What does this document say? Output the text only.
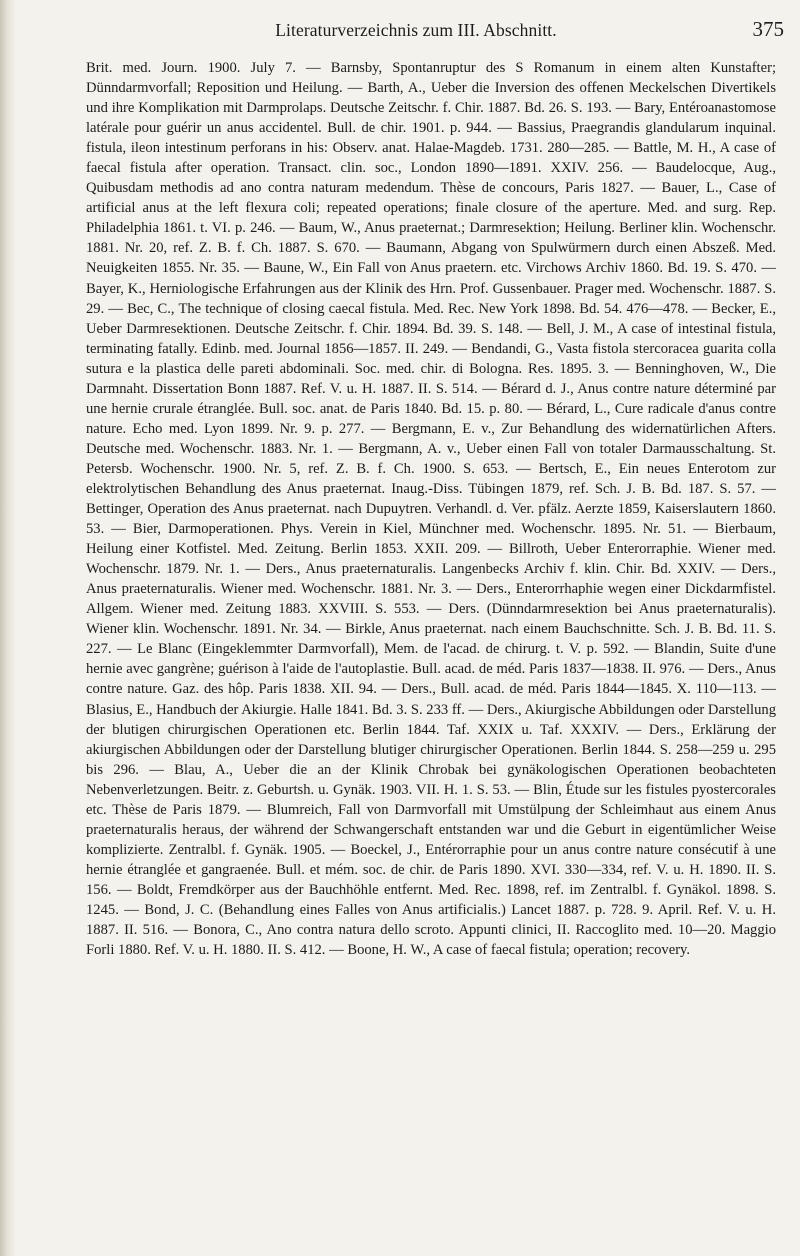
Literaturverzeichnis zum III. Abschnitt.	375

Brit. med. Journ. 1900. July 7. — Barnsby, Spontanruptur des S Romanum in einem alten Kunstafter; Dünndarmvorfall; Reposition und Heilung. — Barth, A., Ueber die Inversion des offenen Meckelschen Divertikels und ihre Komplikation mit Darmprolaps. Deutsche Zeitschr. f. Chir. 1887. Bd. 26. S. 193. — Bary, Entéroanastomose latérale pour guérir un anus accidentel. Bull. de chir. 1901. p. 944. — Bassius, Praegrandis glandularum inquinal. fistula, ileon intestinum perforans in his: Observ. anat. Halae-Magdeb. 1731. 280—285. — Battle, M. H., A case of faecal fistula after operation. Transact. clin. soc., London 1890—1891. XXIV. 256. — Baudelocque, Aug., Quibusdam methodis ad ano contra naturam medendum. Thèse de concours, Paris 1827. — Bauer, L., Case of artificial anus at the left flexura coli; repeated operations; finale closure of the aperture. Med. and surg. Rep. Philadelphia 1861. t. VI. p. 246. — Baum, W., Anus praeternat.; Darmresektion; Heilung. Berliner klin. Wochenschr. 1881. Nr. 20, ref. Z. B. f. Ch. 1887. S. 670. — Baumann, Abgang von Spulwürmern durch einen Abszeß. Med. Neuigkeiten 1855. Nr. 35. — Baune, W., Ein Fall von Anus praetern. etc. Virchows Archiv 1860. Bd. 19. S. 470. — Bayer, K., Herniologische Erfahrungen aus der Klinik des Hrn. Prof. Gussenbauer. Prager med. Wochenschr. 1887. S. 29. — Bec, C., The technique of closing caecal fistula. Med. Rec. New York 1898. Bd. 54. 476—478. — Becker, E., Ueber Darmresektionen. Deutsche Zeitschr. f. Chir. 1894. Bd. 39. S. 148. — Bell, J. M., A case of intestinal fistula, terminating fatally. Edinb. med. Journal 1856—1857. II. 249. — Bendandi, G., Vasta fistola stercoracea guarita colla sutura e la plastica delle pareti abdominali. Soc. med. chir. di Bologna. Res. 1895. 3. — Benninghoven, W., Die Darmnaht. Dissertation Bonn 1887. Ref. V. u. H. 1887. II. S. 514. — Bérard d. J., Anus contre nature déterminé par une hernie crurale étranglée. Bull. soc. anat. de Paris 1840. Bd. 15. p. 80. — Bérard, L., Cure radicale d'anus contre nature. Echo med. Lyon 1899. Nr. 9. p. 277. — Bergmann, E. v., Zur Behandlung des widernatürlichen Afters. Deutsche med. Wochenschr. 1883. Nr. 1. — Bergmann, A. v., Ueber einen Fall von totaler Darmausschaltung. St. Petersb. Wochenschr. 1900. Nr. 5, ref. Z. B. f. Ch. 1900. S. 653. — Bertsch, E., Ein neues Enterotom zur elektrolytischen Behandlung des Anus praeternat. Inaug.-Diss. Tübingen 1879, ref. Sch. J. B. Bd. 187. S. 57. — Bettinger, Operation des Anus praeternat. nach Dupuytren. Verhandl. d. Ver. pfälz. Aerzte 1859, Kaiserslautern 1860. 53. — Bier, Darmoperationen. Phys. Verein in Kiel, Münchner med. Wochenschr. 1895. Nr. 51. — Bierbaum, Heilung einer Kotfistel. Med. Zeitung. Berlin 1853. XXII. 209. — Billroth, Ueber Enterorraphie. Wiener med. Wochenschr. 1879. Nr. 1. — Ders., Anus praeternaturalis. Langenbecks Archiv f. klin. Chir. Bd. XXIV. — Ders., Anus praeternaturalis. Wiener med. Wochenschr. 1881. Nr. 3. — Ders., Enterorrhaphie wegen einer Dickdarmfistel. Allgem. Wiener med. Zeitung 1883. XXVIII. S. 553. — Ders. (Dünndarmresektion bei Anus praeternaturalis). Wiener klin. Wochenschr. 1891. Nr. 34. — Birkle, Anus praeternat. nach einem Bauchschnitte. Sch. J. B. Bd. 11. S. 227. — Le Blanc (Eingeklemmter Darmvorfall), Mem. de l'acad. de chirurg. t. V. p. 592. — Blandin, Suite d'une hernie avec gangrène; guérison à l'aide de l'autoplastie. Bull. acad. de méd. Paris 1837—1838. II. 976. — Ders., Anus contre nature. Gaz. des hôp. Paris 1838. XII. 94. — Ders., Bull. acad. de méd. Paris 1844—1845. X. 110—113. — Blasius, E., Handbuch der Akiurgie. Halle 1841. Bd. 3. S. 233 ff. — Ders., Akiurgische Abbildungen oder Darstellung der blutigen chirurgischen Operationen etc. Berlin 1844. Taf. XXIX u. Taf. XXXIV. — Ders., Erklärung der akiurgischen Abbildungen oder der Darstellung blutiger chirurgischer Operationen. Berlin 1844. S. 258—259 u. 295 bis 296. — Blau, A., Ueber die an der Klinik Chrobak bei gynäkologischen Operationen beobachteten Nebenverletzungen. Beitr. z. Geburtsh. u. Gynäk. 1903. VII. H. 1. S. 53. — Blin, Étude sur les fistules pyostercorales etc. Thèse de Paris 1879. — Blumreich, Fall von Darmvorfall mit Umstülpung der Schleimhaut aus einem Anus praeternaturalis heraus, der während der Schwangerschaft entstanden war und die Geburt in eigentümlicher Weise komplizierte. Zentralbl. f. Gynäk. 1905. — Boeckel, J., Entérorraphie pour un anus contre nature consécutif à une hernie étranglée et gangraenée. Bull. et mém. soc. de chir. de Paris 1890. XVI. 330—334, ref. V. u. H. 1890. II. S. 156. — Boldt, Fremdkörper aus der Bauchhöhle entfernt. Med. Rec. 1898, ref. im Zentralbl. f. Gynäkol. 1898. S. 1245. — Bond, J. C. (Behandlung eines Falles von Anus artificialis.) Lancet 1887. p. 728. 9. April. Ref. V. u. H. 1887. II. 516. — Bonora, C., Ano contra natura dello scroto. Appunti clinici, II. Raccoglito med. 10—20. Maggio Forli 1880. Ref. V. u. H. 1880. II. S. 412. — Boone, H. W., A case of faecal fistula; operation; recovery.
